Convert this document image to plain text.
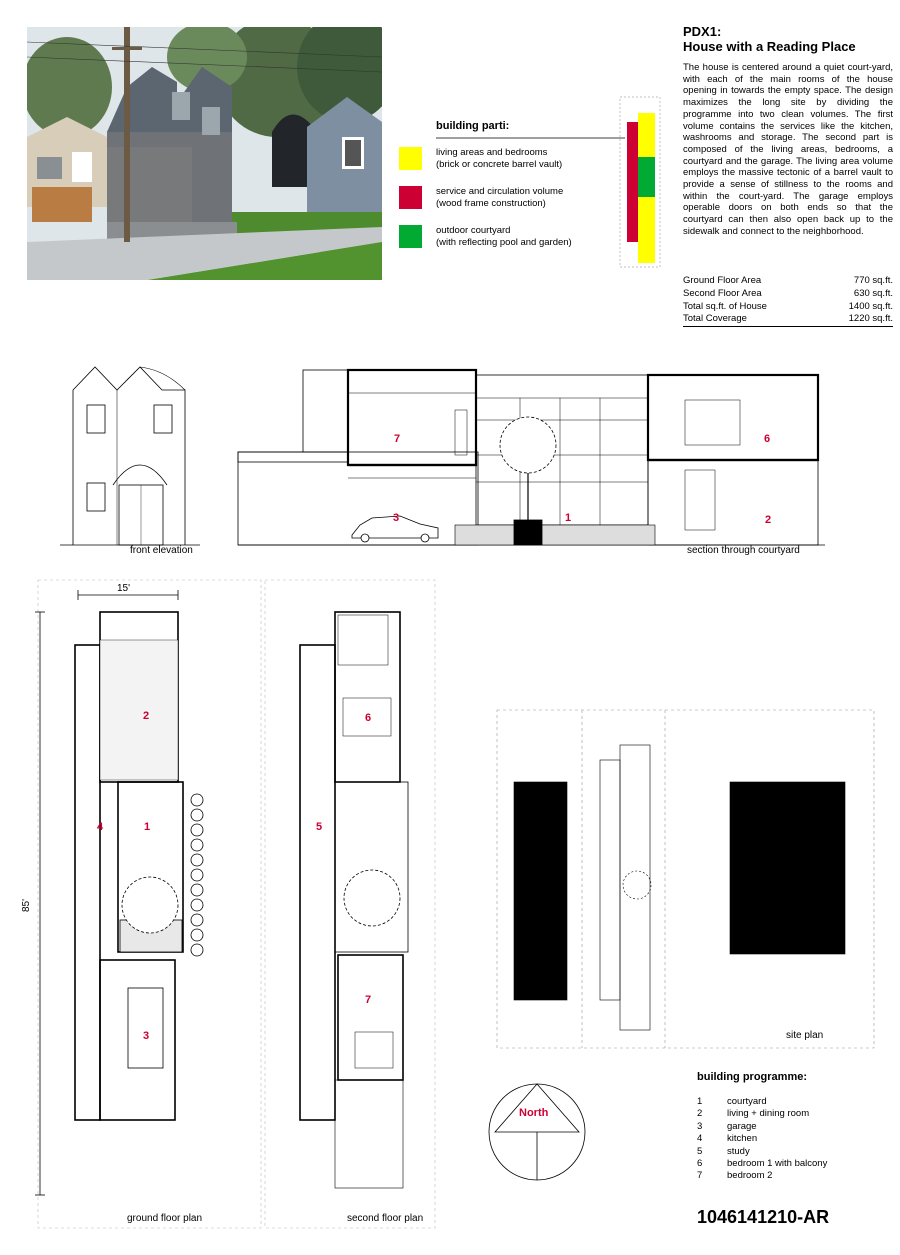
PDX1:
House with a Reading Place
The house is centered around a quiet court-yard, with each of the main rooms of the house opening in towards the empty space. The design maximizes the long site by dividing the programme into two clean volumes. The first volume contains the services like the kitchen, washrooms and storage. The second part is composed of the living areas, bedrooms, a courtyard and the garage. The living area volume employs the massive tectonic of a barrel vault to provide a sense of stillness to the rooms and within the court-yard. The garage employs operable doors on both ends so that the courtyard can then also open back up to the sidewalk and connect to the neighborhood.
Ground Floor Area	770 sq.ft.
Second Floor Area	630 sq.ft.
Total sq.ft. of House	1400 sq.ft.
Total Coverage	1220 sq.ft.
building parti:
living areas and bedrooms
(brick or concrete barrel vault)
service and circulation volume
(wood frame construction)
outdoor courtyard
(with reflecting pool and garden)
front elevation	section through courtyard
ground floor plan	second floor plan
site plan
North
15'
85'
7	6
3	1	2
2
4	1
3
6
5
7
building programme:
1	courtyard
2	living + dining room
3	garage
4	kitchen
5	study
6	bedroom 1 with balcony
7	bedroom 2
1046141210-AR
